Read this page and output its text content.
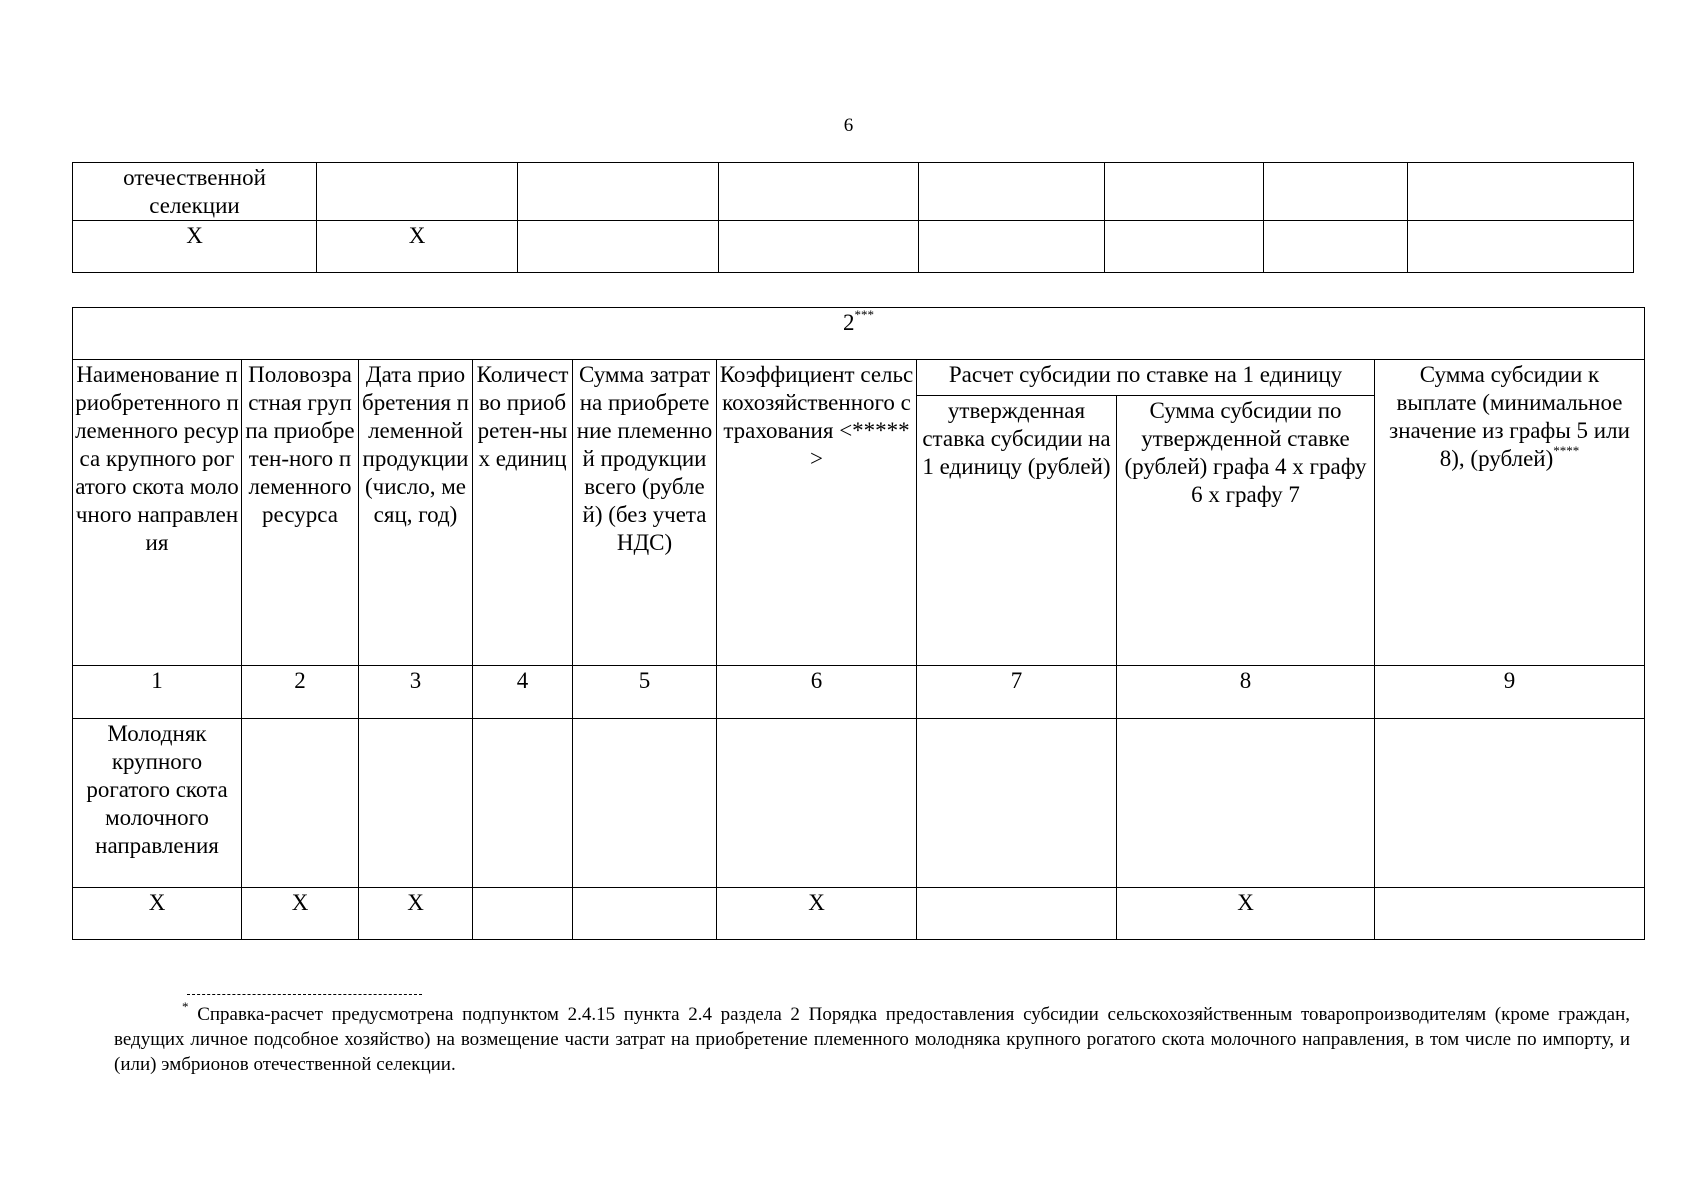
6
отечественной селекции							
X	X						
2***
Наименование приобретенного племенного ресурса крупного рогатого скота молочного направления	Половозрастная группа приобретен-ного племенного ресурса	Дата приобретения племенной продукции (число, месяц, год)	Количество приобретен-ных единиц	Сумма затрат на приобретение племенной продукции всего (рублей) (без учета НДС)	Коэффициент сельскохозяйственного страхования <*****>	Расчет субсидии по ставке на 1 единицу		Сумма субсидии к выплате (минимальное значение из графы 5 или 8), (рублей)****
						утвержденная ставка субсидии на 1 единицу (рублей)	Сумма субсидии по утвержденной ставке (рублей) графа 4 x графу 6 x графу 7	
1	2	3	4	5	6	7	8	9
Молодняк крупного рогатого скота молочного направления								
X	X	X			X		X	
* Справка-расчет предусмотрена подпунктом 2.4.15 пункта 2.4 раздела 2 Порядка предоставления субсидии сельскохозяйственным товаропроизводителям (кроме граждан, ведущих личное подсобное хозяйство) на возмещение части затрат на приобретение племенного молодняка крупного рогатого скота молочного направления, в том числе по импорту, и (или) эмбрионов отечественной селекции.
